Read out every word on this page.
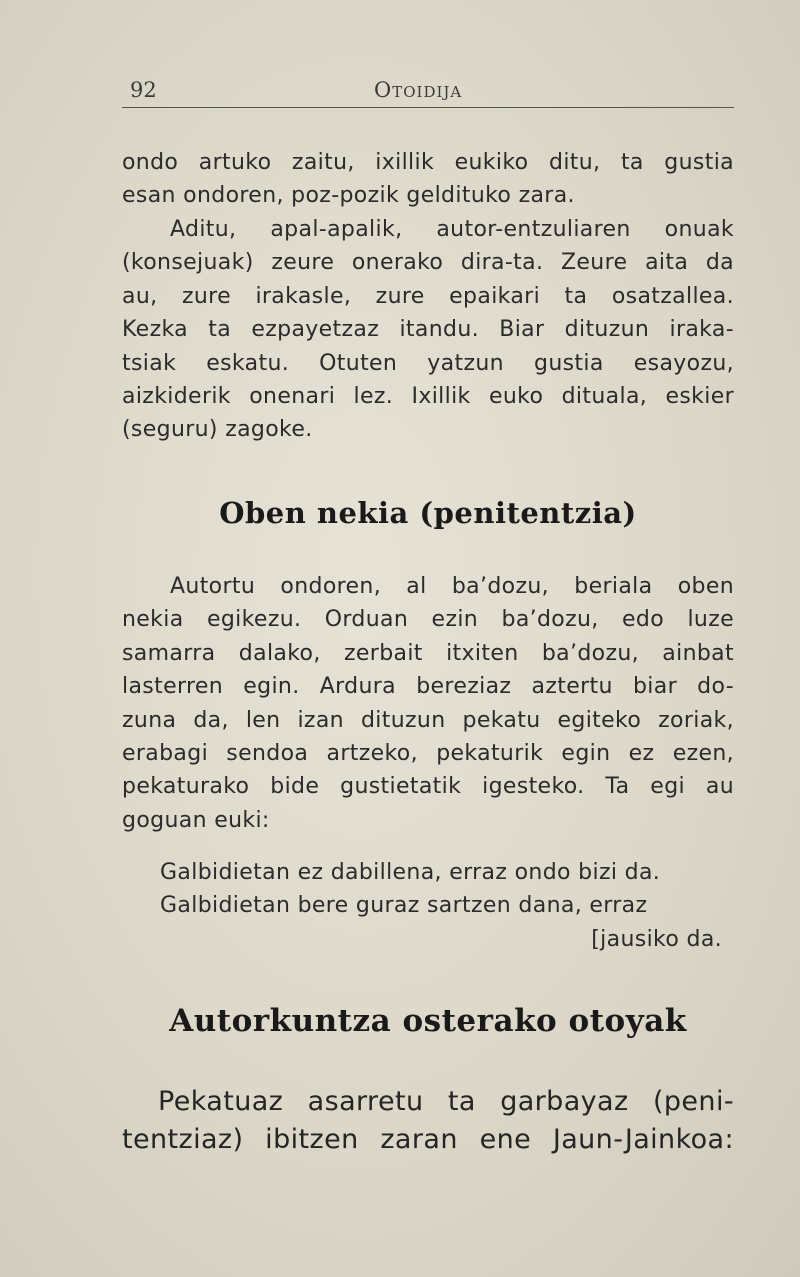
92	Otoidija
ondo artuko zaitu, ixillik eukiko ditu, ta gustia
esan ondoren, poz-pozik geldituko zara.
Aditu, apal-apalik, autor-entzuliaren onuak
(konsejuak) zeure onerako dira-ta. Zeure aita da
au, zure irakasle, zure epaikari ta osatzallea.
Kezka ta ezpayetzaz itandu. Biar dituzun iraka-
tsiak eskatu. Otuten yatzun gustia esayozu,
aizkiderik onenari lez. Ixillik euko dituala, eskier
(seguru) zagoke.
Oben nekia (penitentzia)
Autortu ondoren, al ba’dozu, beriala oben
nekia egikezu. Orduan ezin ba’dozu, edo luze
samarra dalako, zerbait itxiten ba’dozu, ainbat
lasterren egin. Ardura bereziaz aztertu biar do-
zuna da, len izan dituzun pekatu egiteko zoriak,
erabagi sendoa artzeko, pekaturik egin ez ezen,
pekaturako bide gustietatik igesteko. Ta egi au
goguan euki:
Galbidietan ez dabillena, erraz ondo bizi da.
Galbidietan bere guraz sartzen dana, erraz
[jausiko da.
Autorkuntza osterako otoyak
Pekatuaz asarretu ta garbayaz (peni-
tentziaz) ibitzen zaran ene Jaun-Jainkoa:
